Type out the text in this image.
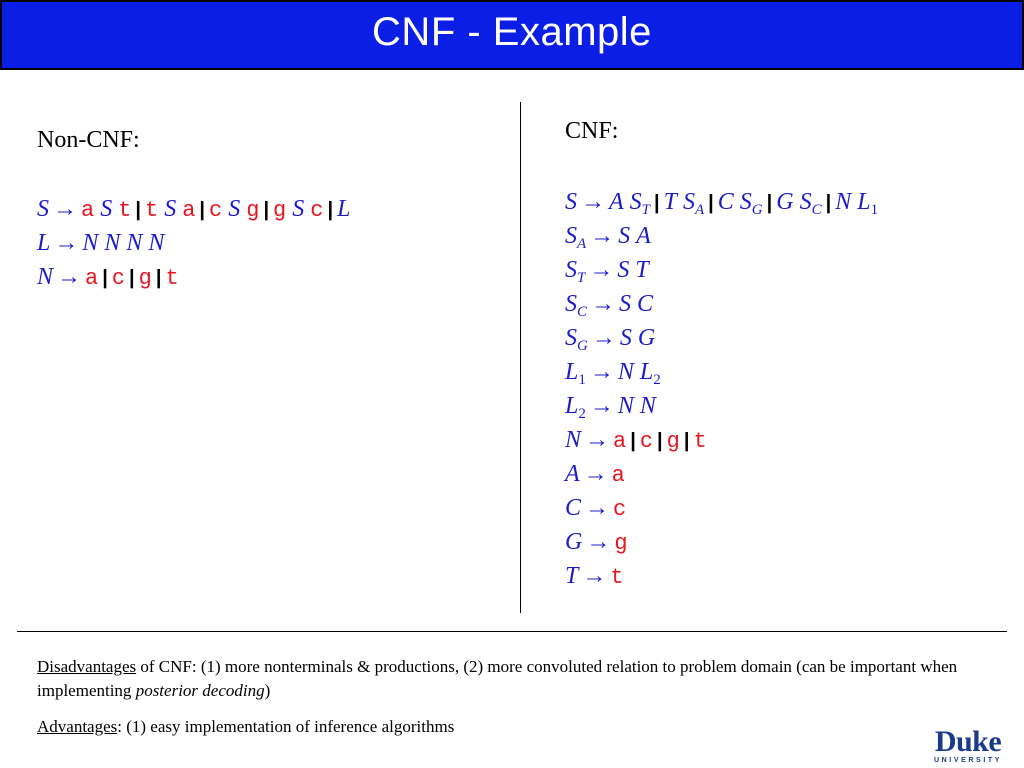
CNF - Example
Non-CNF:
S → a S t | t S a | c S g | g S c | L
L → N N N N
N → a | c | g | t
CNF:
S → A $S_T$ | T $S_A$ | C $S_G$ | G $S_C$ | N $L_1$
$S_A \to S$ A
$S_T \to S$ T
$S_C \to S$ C
$S_G \to S$ G
$L_1 \to N$ $L_2$
$L_2 \to N$ N
N → a | c | g | t
A → a
C → c
G → g
T → t
Disadvantages of CNF: (1) more nonterminals & productions, (2) more convoluted relation to problem domain (can be important when implementing posterior decoding)
Advantages: (1) easy implementation of inference algorithms	Duke
UNIVERSITY
